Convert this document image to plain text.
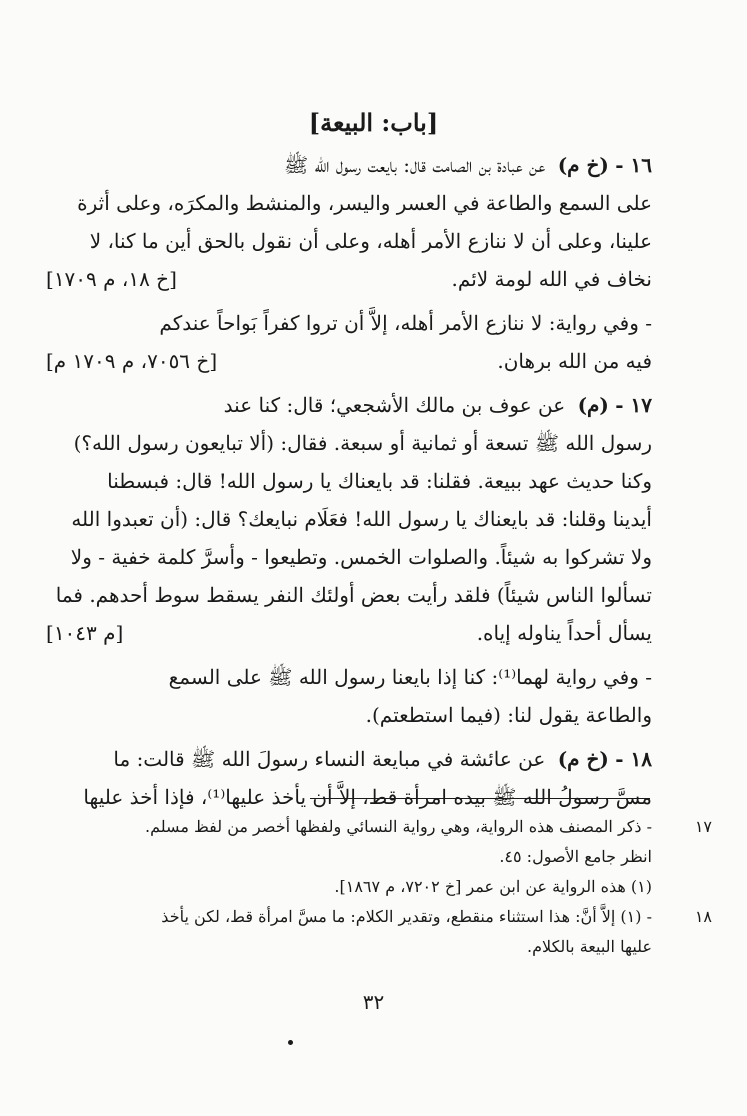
[باب: البيعة]
١٦ - (خ م) عن عبادة بن الصامت قال: بايعت رسول الله ﷺ
على السمع والطاعة في العسر واليسر، والمنشط والمكرَه، وعلى أثرة
علينا، وعلى أن لا ننازع الأمر أهله، وعلى أن نقول بالحق أين ما كنا، لا
نخاف في الله لومة لائم.
[خ ١٨، م ١٧٠٩]
- وفي رواية: لا ننازع الأمر أهله، إلاَّ أن تروا كفراً بَواحاً عندكم
فيه من الله برهان.
[خ ٧٠٥٦، م ١٧٠٩ م]
١٧ - (م) عن عوف بن مالك الأشجعي؛ قال: كنا عند
رسول الله ﷺ تسعة أو ثمانية أو سبعة. فقال: (ألا تبايعون رسول الله؟)
وكنا حديث عهد ببيعة. فقلنا: قد بايعناك يا رسول الله! قال: فبسطنا
أيدينا وقلنا: قد بايعناك يا رسول الله! فعَلَام نبايعك؟ قال: (أن تعبدوا الله
ولا تشركوا به شيئاً. والصلوات الخمس. وتطيعوا - وأسرَّ كلمة خفية - ولا
تسألوا الناس شيئاً) فلقد رأيت بعض أولئك النفر يسقط سوط أحدهم. فما
يسأل أحداً يناوله إياه.
[م ١٠٤٣]
- وفي رواية لهما⁽¹⁾: كنا إذا بايعنا رسول الله ﷺ على السمع
والطاعة يقول لنا: (فيما استطعتم).
١٨ - (خ م) عن عائشة في مبايعة النساء رسولَ الله ﷺ قالت: ما
مسَّ رسولُ الله ﷺ بيده امرأة قط، إلاَّ أن يأخذ عليها⁽¹⁾، فإذا أخذ عليها
١٧
- ذكر المصنف هذه الرواية، وهي رواية النسائي ولفظها أخصر من لفظ مسلم.
انظر جامع الأصول: ٤٥.
(١) هذه الرواية عن ابن عمر [خ ٧٢٠٢، م ١٨٦٧].
١٨
- (١) إلاَّ أنَّ: هذا استثناء منقطع، وتقدير الكلام: ما مسَّ امرأة قط، لكن يأخذ
عليها البيعة بالكلام.
٣٢
